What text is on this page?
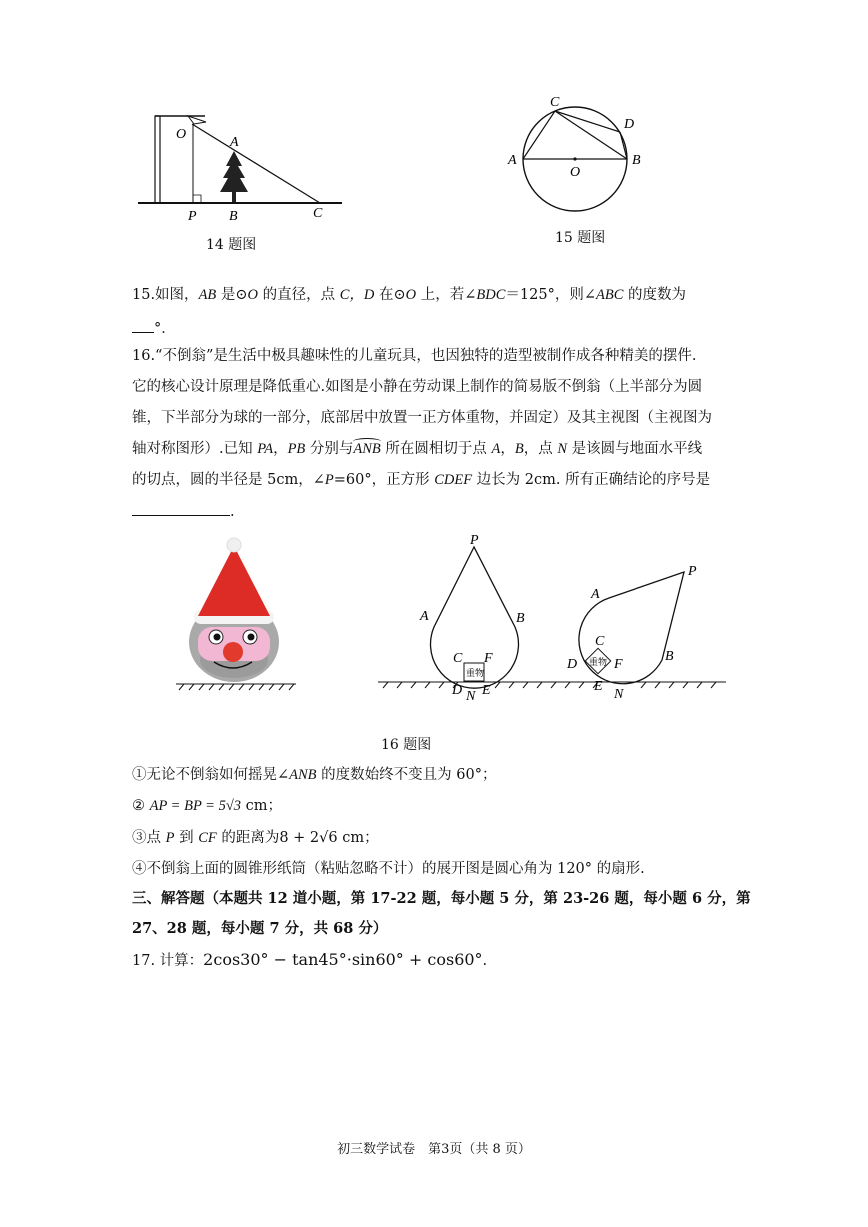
O
A
P B	C
14 题图
C
D
A
O
B
15 题图
15.如图，AB 是⊙O 的直径，点 C，D 在⊙O 上，若∠BDC＝125°，则∠ABC 的度数为
°．
16.“不倒翁”是生活中极具趣味性的儿童玩具，也因独特的造型被制作成各种精美的摆件.
它的核心设计原理是降低重心.如图是小静在劳动课上制作的简易版不倒翁（上半部分为圆
锥，下半部分为球的一部分，底部居中放置一正方体重物，并固定）及其主视图（主视图为
轴对称图形）.已知 PA，PB 分别与
ANB 所在圆相切于点 A，B，点 N 是该圆与地面水平线
的切点，圆的半径是 5cm，∠P=60°，正方形 CDEF 边长为 2cm. 所有正确结论的序号是
.
重物
P
A	B
C F
D N E
重物
P
A
B
C
D	F
E
N
16 题图
①无论不倒翁如何摇晃∠ANB 的度数始终不变且为 60°；
② AP = BP = 5√3 cm；
③点 P 到 CF 的距离为8 + 2√6 cm；
④不倒翁上面的圆锥形纸筒（粘贴忽略不计）的展开图是圆心角为 120° 的扇形.
三、解答题（本题共 12 道小题，第 17-22 题，每小题 5 分，第 23-26 题，每小题 6 分，第
27、28 题，每小题 7 分，共 68 分）
17. 计算：2cos30° − tan45°·sin60° + cos60°.
初三数学试卷　第3页（共 8 页）
